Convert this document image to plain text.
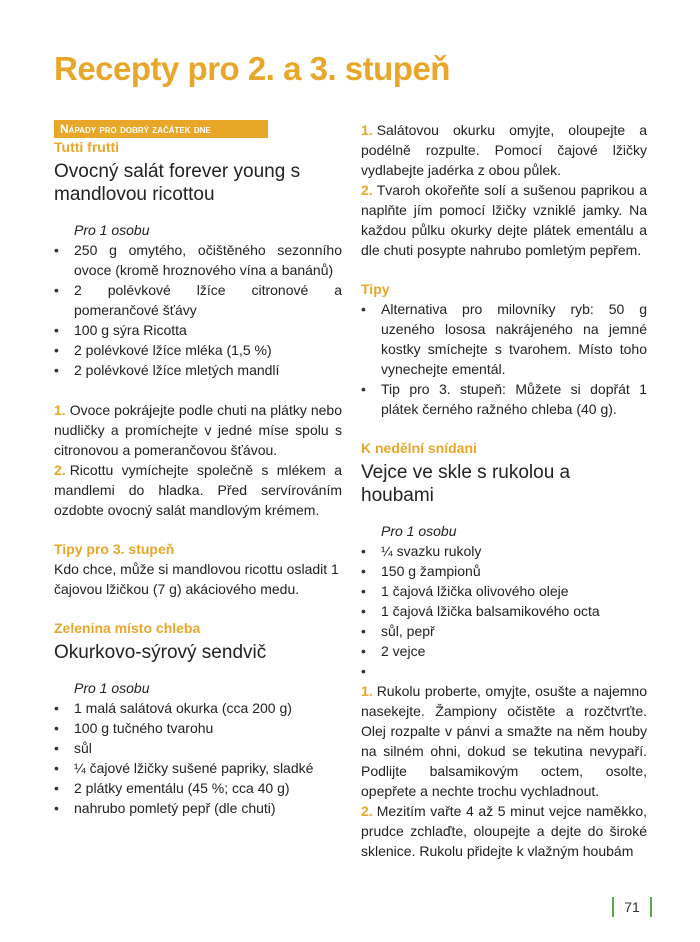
Recepty pro 2. a 3. stupeň
Nápady pro dobrý začátek dne

Tutti frutti

Ovocný salát forever young s mandlovou ricottou

Pro 1 osobu

• 250 g omytého, očištěného sezonního ovoce (kromě hroznového vína a banánů)
• 2 polévkové lžíce citronové a pomerančové šťávy
• 100 g sýra Ricotta
• 2 polévkové lžíce mléka (1,5 %)
• 2 polévkové lžíce mletých mandlí

1. Ovoce pokrájejte podle chuti na plátky nebo nudličky a promíchejte v jedné míse spolu s citronovou a pomerančovou šťávou.

2. Ricottu vymíchejte společně s mlékem a mandlemi do hladka. Před servírováním ozdobte ovocný salát mandlovým krémem.

Tipy pro 3. stupeň

Kdo chce, může si mandlovou ricottu osladit 1 čajovou lžičkou (7 g) akáciového medu.

Zelenina místo chleba

Okurkovo-sýrový sendvič

Pro 1 osobu

• 1 malá salátová okurka (cca 200 g)
• 100 g tučného tvarohu
• sůl
• ¼ čajové lžičky sušené papriky, sladké
• 2 plátky ementálu (45 %; cca 40 g)
• nahrubo pomletý pepř (dle chuti)

1. Salátovou okurku omyjte, oloupejte a podélně rozpulte. Pomocí čajové lžičky vydlabejte jadérka z obou půlek.

2. Tvaroh okořeňte solí a sušenou paprikou a naplňte jím pomocí lžičky vzniklé jamky. Na každou půlku okurky dejte plátek ementálu a dle chuti posypte nahrubo pomletým pepřem.

Tipy

• Alternativa pro milovníky ryb: 50 g uzeného lososa nakrájeného na jemné kostky smíchejte s tvarohem. Místo toho vynechejte ementál.
• Tip pro 3. stupeň: Můžete si dopřát 1 plátek černého ražného chleba (40 g).

K nedělní snídani

Vejce ve skle s rukolou a houbami

Pro 1 osobu

• ¼ svazku rukoly
• 150 g žampionů
• 1 čajová lžička olivového oleje
• 1 čajová lžička balsamikového octa
• sůl, pepř
• 2 vejce
•

1. Rukolu proberte, omyjte, osušte a najemno nasekejte. Žampiony očistěte a rozčtvrťte. Olej rozpalte v pánvi a smažte na něm houby na silném ohni, dokud se tekutina nevypaří. Podlijte balsamikovým octem, osolte, opepřete a nechte trochu vychladnout.

2. Mezitím vařte 4 až 5 minut vejce naměkko, prudce zchlaďte, oloupejte a dejte do široké sklenice. Rukolu přidejte k vlažným houbám

71
